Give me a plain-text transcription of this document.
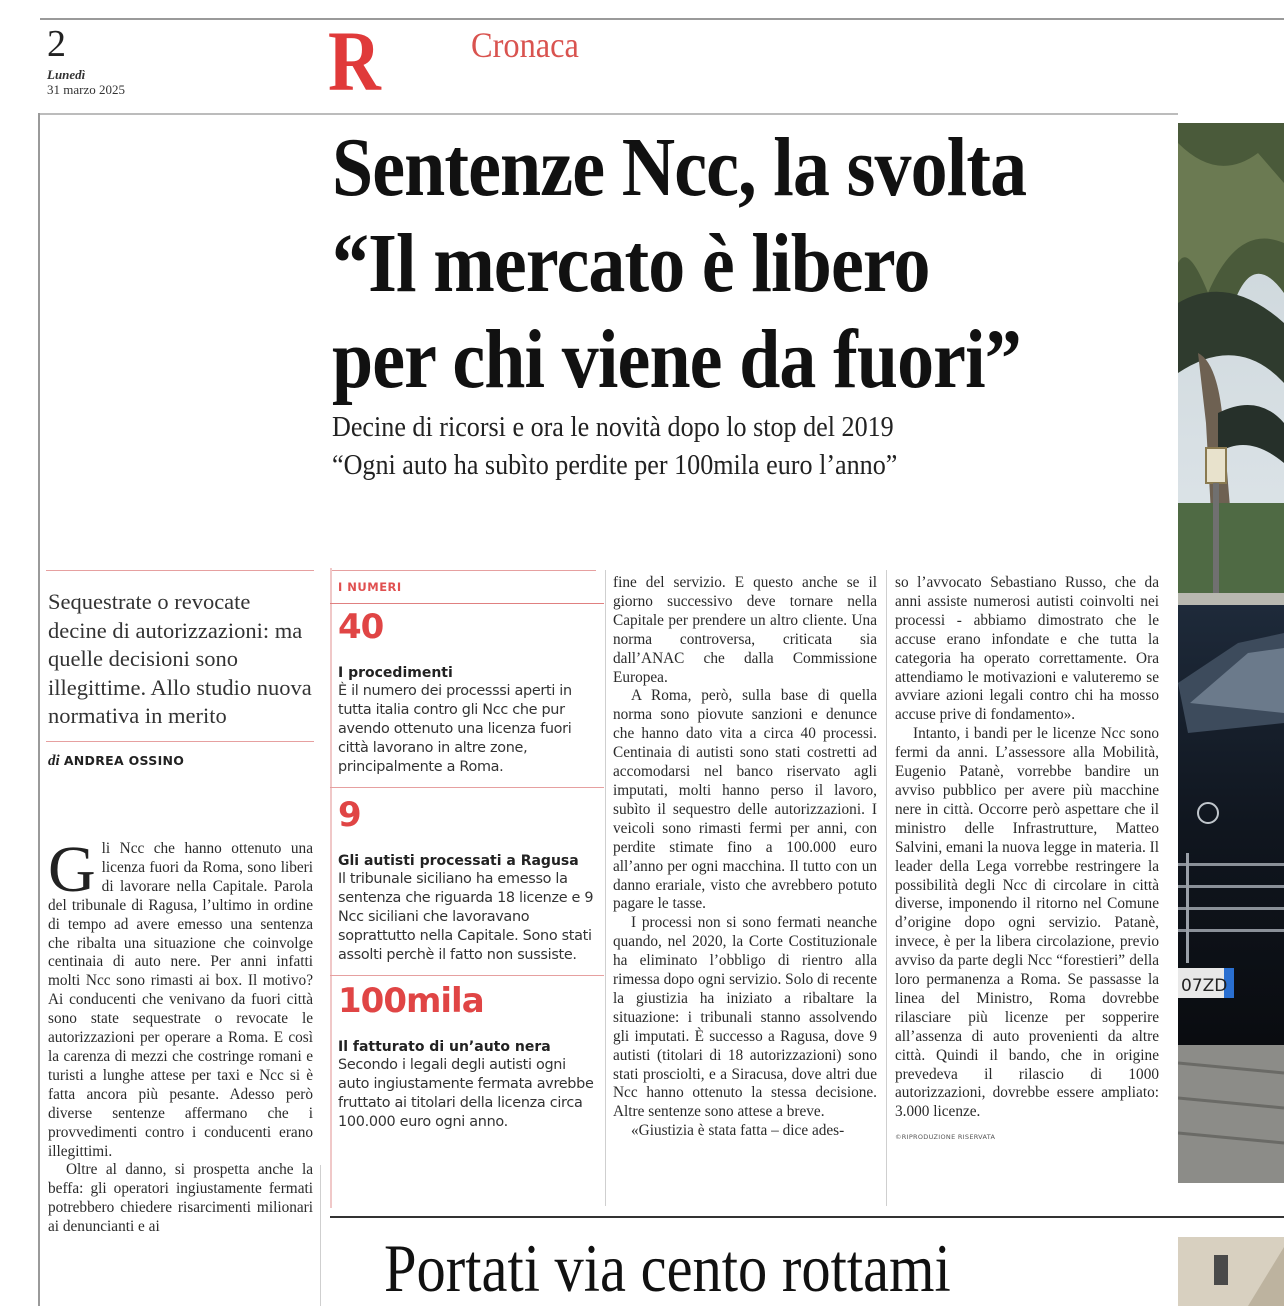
2
Lunedì
31 marzo 2025 R	Cronaca
Sentenze Ncc, la svolta
“Il mercato è libero
per chi viene da fuori”
Decine di ricorsi e ora le novità dopo lo stop del 2019
“Ogni auto ha subìto perdite per 100mila euro l’anno”
07ZD
Sequestrate o revocate decine di autorizzazioni: ma quelle decisioni sono illegittime. Allo studio nuova normativa in merito
di ANDREA OSSINO

Gli Ncc che hanno ottenuto una licenza fuori da Roma, sono liberi di lavorare nella Capitale. Parola del tribunale di Ragusa, l’ultimo in ordine di tempo ad avere emesso una sentenza che ribalta una situazione che coinvolge centinaia di auto nere. Per anni infatti molti Ncc sono rimasti ai box. Il motivo? Ai conducenti che venivano da fuori città sono state sequestrate o revocate le autorizzazioni per operare a Roma. E così la carenza di mezzi che costringe romani e turisti a lunghe attese per taxi e Ncc si è fatta ancora più pesante. Adesso però diverse sentenze affermano che i provvedimenti contro i conducenti erano illegittimi.

Oltre al danno, si prospetta anche la beffa: gli operatori ingiustamente fermati potrebbero chiedere risarcimenti milionari ai denuncianti e ai

I NUMERI
40
I procedimenti
È il numero dei processsi aperti in tutta italia contro gli Ncc che pur avendo ottenuto una licenza fuori città lavorano in altre zone, principalmente a Roma.
9
Gli autisti processati a Ragusa
Il tribunale siciliano ha emesso la sentenza che riguarda 18 licenze e 9 Ncc siciliani che lavoravano soprattutto nella Capitale. Sono stati assolti perchè il fatto non sussiste.
100mila
Il fatturato di un’auto nera
Secondo i legali degli autisti ogni auto ingiustamente fermata avrebbe fruttato ai titolari della licenza circa 100.000 euro ogni anno.

fine del servizio. E questo anche se il giorno successivo deve tornare nella Capitale per prendere un altro cliente. Una norma controversa, criticata sia dall’ANAC che dalla Commissione Europea.

A Roma, però, sulla base di quella norma sono piovute sanzioni e denunce che hanno dato vita a circa 40 processi. Centinaia di autisti sono stati costretti ad accomodarsi nel banco riservato agli imputati, molti hanno perso il lavoro, subìto il sequestro delle autorizzazioni. I veicoli sono rimasti fermi per anni, con perdite stimate fino a 100.000 euro all’anno per ogni macchina. Il tutto con un danno erariale, visto che avrebbero potuto pagare le tasse.

I processi non si sono fermati neanche quando, nel 2020, la Corte Costituzionale ha eliminato l’obbligo di rientro alla rimessa dopo ogni servizio. Solo di recente la giustizia ha iniziato a ribaltare la situazione: i tribunali stanno assolvendo gli imputati. È successo a Ragusa, dove 9 autisti (titolari di 18 autorizzazioni) sono stati prosciolti, e a Siracusa, dove altri due Ncc hanno ottenuto la stessa decisione. Altre sentenze sono attese a breve.

«Giustizia è stata fatta – dice ades-

so l’avvocato Sebastiano Russo, che da anni assiste numerosi autisti coinvolti nei processi - abbiamo dimostrato che le accuse erano infondate e che tutta la categoria ha operato correttamente. Ora attendiamo le motivazioni e valuteremo se avviare azioni legali contro chi ha mosso accuse prive di fondamento».

Intanto, i bandi per le licenze Ncc sono fermi da anni. L’assessore alla Mobilità, Eugenio Patanè, vorrebbe bandire un avviso pubblico per avere più macchine nere in città. Occorre però aspettare che il ministro delle Infrastrutture, Matteo Salvini, emani la nuova legge in materia. Il leader della Lega vorrebbe restringere la possibilità degli Ncc di circolare in città diverse, imponendo il ritorno nel Comune d’origine dopo ogni servizio. Patanè, invece, è per la libera circolazione, previo avviso da parte degli Ncc “forestieri” della loro permanenza a Roma. Se passasse la linea del Ministro, Roma dovrebbe rilasciare più licenze per sopperire all’assenza di auto provenienti da altre città. Quindi il bando, che in origine prevedeva il rilascio di 1000 autorizzazioni, dovrebbe essere ampliato: 3.000 licenze.

©RIPRODUZIONE RISERVATA
Portati via cento rottami
